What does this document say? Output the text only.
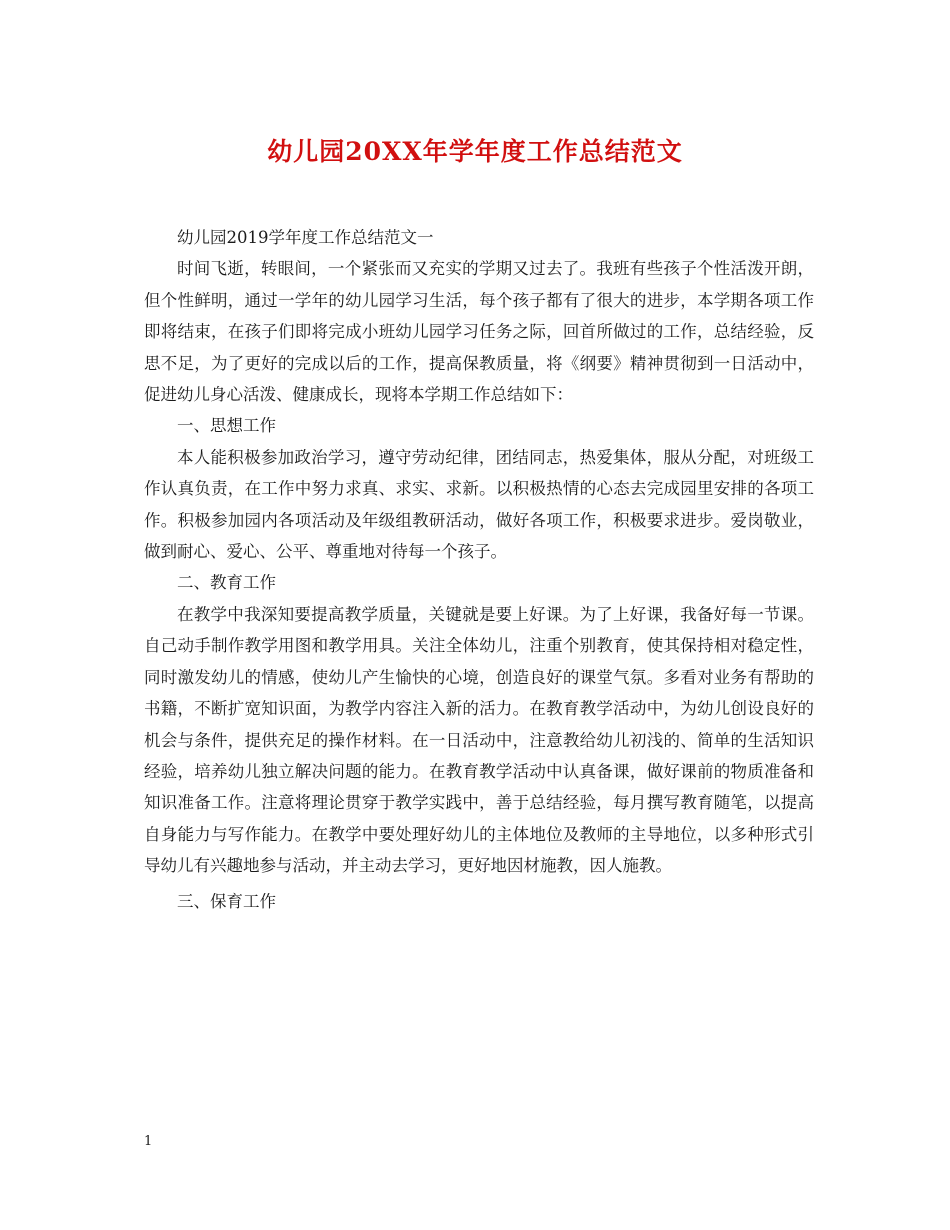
幼儿园20XX年学年度工作总结范文

幼儿园2019学年度工作总结范文一

时间飞逝，转眼间，一个紧张而又充实的学期又过去了。我班有些孩子个性活泼开朗，但个性鲜明，通过一学年的幼儿园学习生活，每个孩子都有了很大的进步，本学期各项工作即将结束，在孩子们即将完成小班幼儿园学习任务之际，回首所做过的工作，总结经验，反思不足，为了更好的完成以后的工作，提高保教质量，将《纲要》精神贯彻到一日活动中，促进幼儿身心活泼、健康成长，现将本学期工作总结如下：

一、思想工作

本人能积极参加政治学习，遵守劳动纪律，团结同志，热爱集体，服从分配，对班级工作认真负责，在工作中努力求真、求实、求新。以积极热情的心态去完成园里安排的各项工作。积极参加园内各项活动及年级组教研活动，做好各项工作，积极要求进步。爱岗敬业，做到耐心、爱心、公平、尊重地对待每一个孩子。

二、教育工作

在教学中我深知要提高教学质量，关键就是要上好课。为了上好课，我备好每一节课。自己动手制作教学用图和教学用具。关注全体幼儿，注重个别教育，使其保持相对稳定性，同时激发幼儿的情感，使幼儿产生愉快的心境，创造良好的课堂气氛。多看对业务有帮助的书籍，不断扩宽知识面，为教学内容注入新的活力。在教育教学活动中，为幼儿创设良好的机会与条件，提供充足的操作材料。在一日活动中，注意教给幼儿初浅的、简单的生活知识经验，培养幼儿独立解决问题的能力。在教育教学活动中认真备课，做好课前的物质准备和知识准备工作。注意将理论贯穿于教学实践中，善于总结经验，每月撰写教育随笔，以提高自身能力与写作能力。在教学中要处理好幼儿的主体地位及教师的主导地位，以多种形式引导幼儿有兴趣地参与活动，并主动去学习，更好地因材施教，因人施教。

三、保育工作

1
